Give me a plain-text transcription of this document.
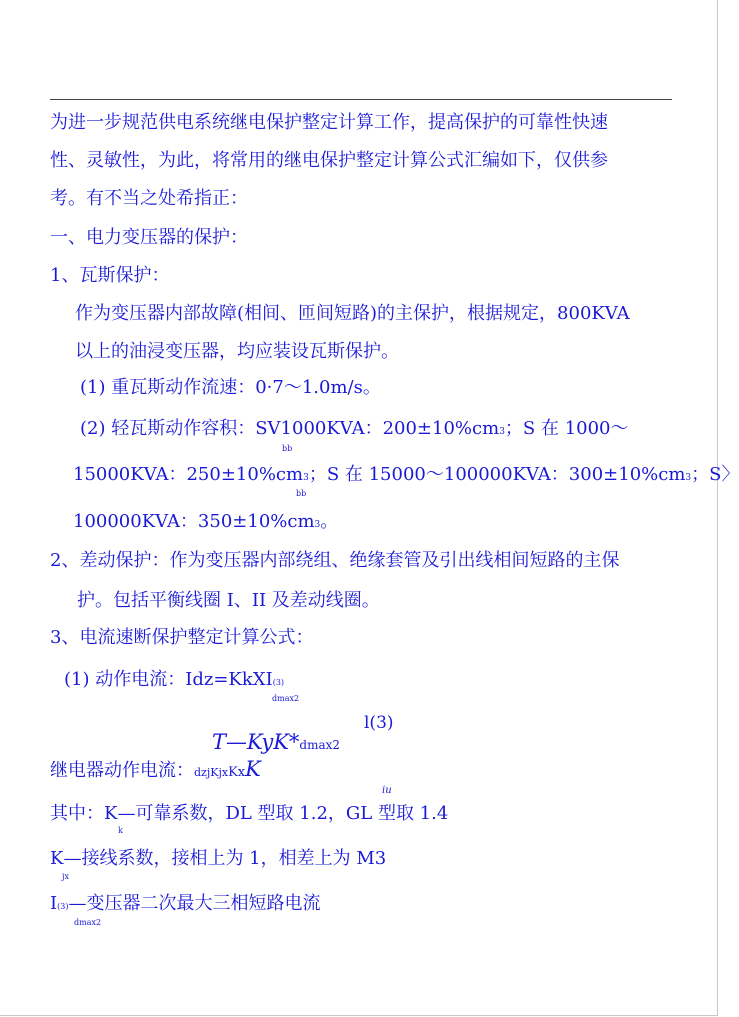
为进一步规范供电系统继电保护整定计算工作，提高保护的可靠性快速
性、灵敏性，为此，将常用的继电保护整定计算公式汇编如下，仅供参
考。有不当之处希指正：
一、电力变压器的保护：
1、瓦斯保护：
作为变压器内部故障(相间、匝间短路)的主保护，根据规定，800KVA
以上的油浸变压器，均应装设瓦斯保护。
(1) 重瓦斯动作流速：0·7～1.0m/s。
(2) 轻瓦斯动作容积：SV1000KVA：200±10%cm3；S 在 1000～
bb
15000KVA：250±10%cm3；S 在 15000～100000KVA：300±10%cm3；S〉
bb
100000KVA：350±10%cm3。
2、差动保护：作为变压器内部绕组、绝缘套管及引出线相间短路的主保
护。包括平衡线圈 I、II 及差动线圈。
3、电流速断保护整定计算公式：
(1) 动作电流：Idz=KkXI(3)
dmax2
l(3)
T—KyK*dmax2
继电器动作电流：dzjKjxKxK
iu
其中：K—可靠系数，DL 型取 1.2，GL 型取 1.4
k
K—接线系数，接相上为 1，相差上为 M3
jx
I(3)—变压器二次最大三相短路电流
dmax2
